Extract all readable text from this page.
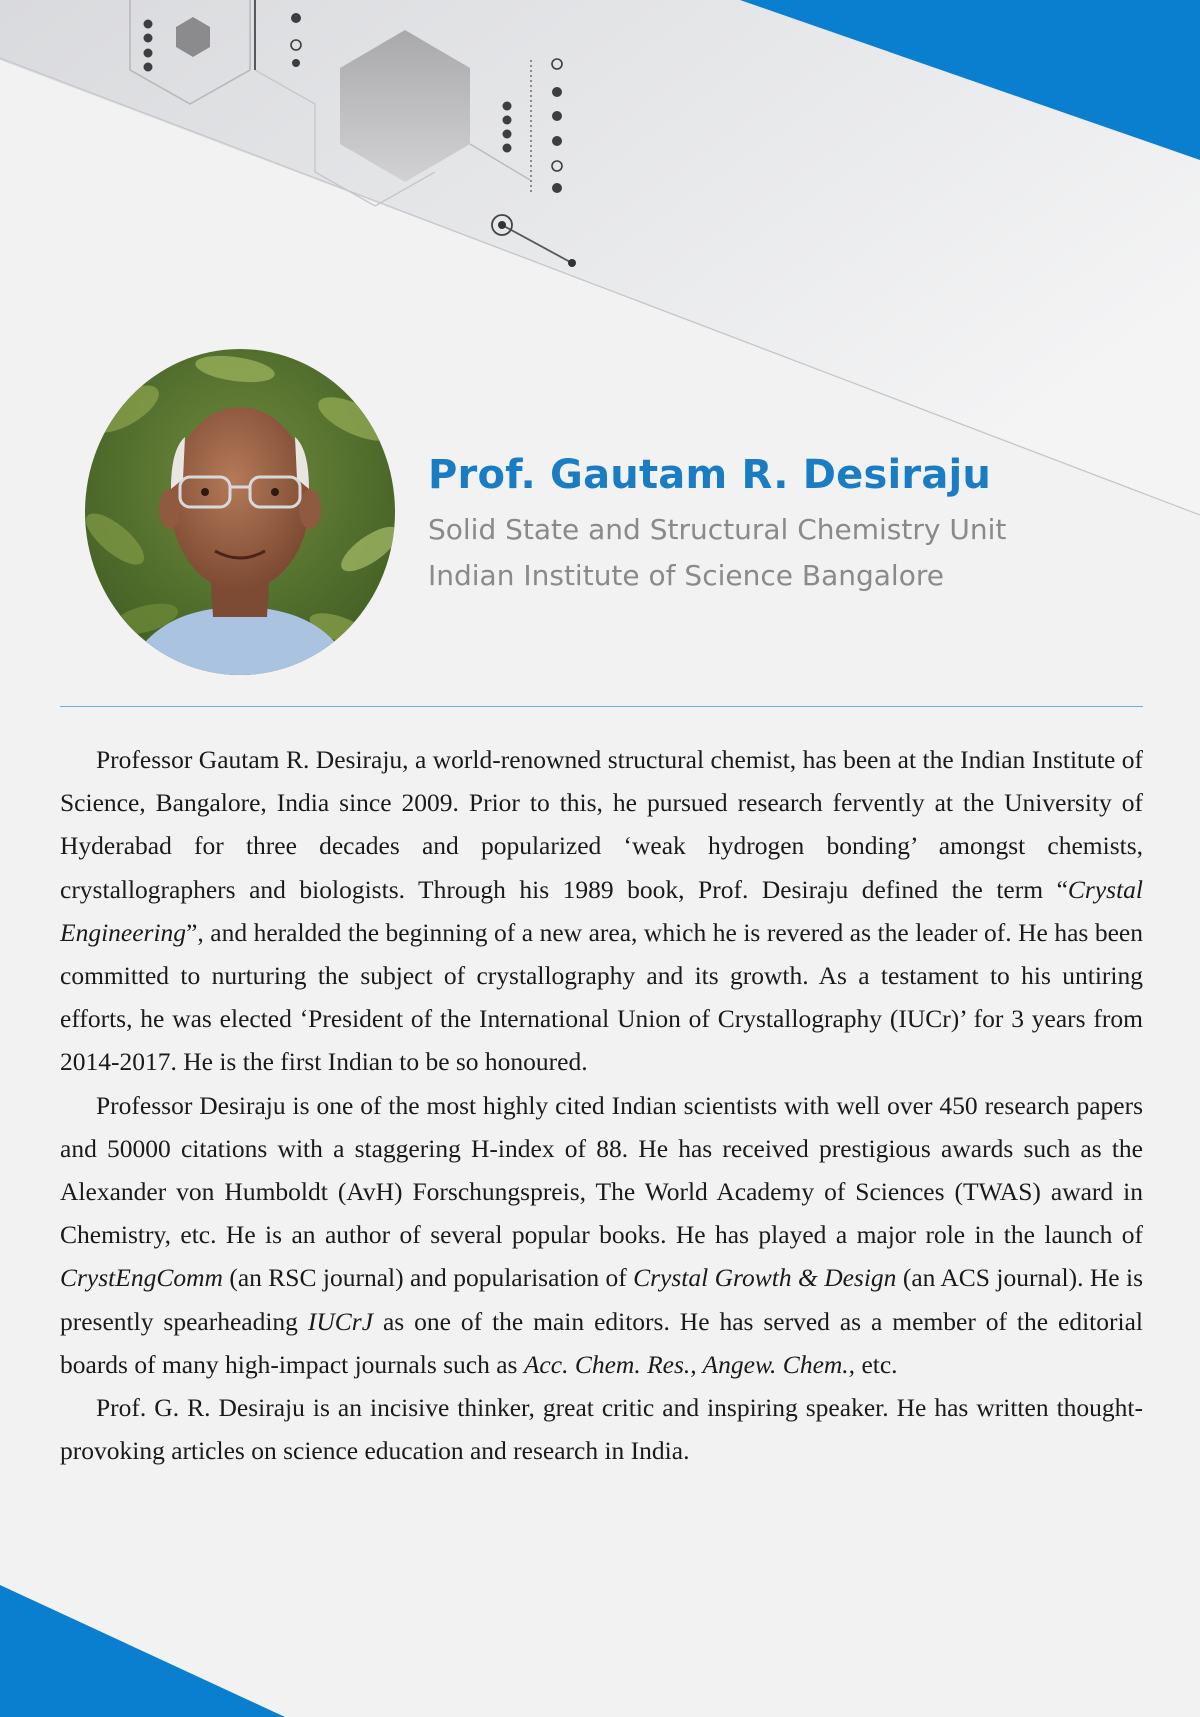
Prof. Gautam R. Desiraju

Solid State and Structural Chemistry Unit

Indian Institute of Science Bangalore

Professor Gautam R. Desiraju, a world-renowned structural chemist, has been at the Indian Institute of Science, Bangalore, India since 2009. Prior to this, he pursued research fervently at the University of Hyderabad for three decades and popularized ‘weak hydrogen bonding’ amongst chemists, crystallographers and biologists. Through his 1989 book, Prof. Desiraju defined the term “Crystal Engineering”, and heralded the beginning of a new area, which he is revered as the leader of. He has been committed to nurturing the subject of crystallography and its growth. As a testament to his untiring efforts, he was elected ‘President of the International Union of Crystallography (IUCr)’ for 3 years from 2014-2017. He is the first Indian to be so honoured.

Professor Desiraju is one of the most highly cited Indian scientists with well over 450 research papers and 50000 citations with a staggering H-index of 88. He has received prestigious awards such as the Alexander von Humboldt (AvH) Forschungspreis, The World Academy of Sciences (TWAS) award in Chemistry, etc. He is an author of several popular books. He has played a major role in the launch of CrystEngComm (an RSC journal) and popularisation of Crystal Growth & Design (an ACS journal). He is presently spearheading IUCrJ as one of the main editors. He has served as a member of the editorial boards of many high-impact journals such as Acc. Chem. Res., Angew. Chem., etc.

Prof. G. R. Desiraju is an incisive thinker, great critic and inspiring speaker. He has written thought-provoking articles on science education and research in India.
